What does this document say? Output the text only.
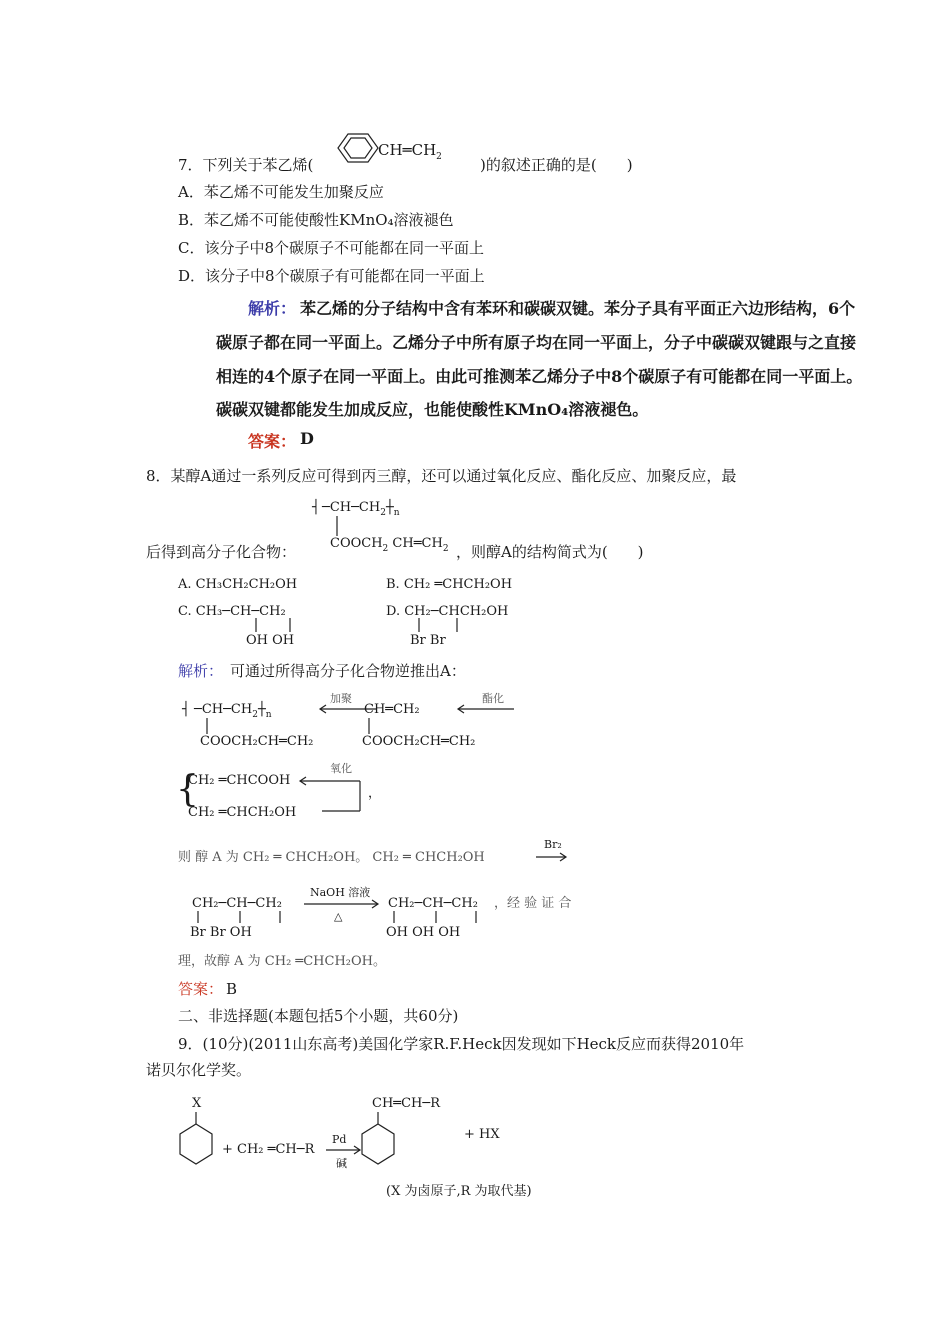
7．下列关于苯乙烯(
$CH═CH_2$	)的叙述正确的是(　　)
A．苯乙烯不可能发生加聚反应
B．苯乙烯不可能使酸性KMnO₄溶液褪色
C．该分子中8个碳原子不可能都在同一平面上
D．该分子中8个碳原子有可能都在同一平面上
解析： 苯乙烯的分子结构中含有苯环和碳碳双键。苯分子具有平面正六边形结构，6个
碳原子都在同一平面上。乙烯分子中所有原子均在同一平面上，分子中碳碳双键跟与之直接
相连的4个原子在同一平面上。由此可推测苯乙烯分子中8个碳原子有可能都在同一平面上。
碳碳双键都能发生加成反应，也能使酸性KMnO₄溶液褪色。
答案： D
8．某醇A通过一系列反应可得到丙三醇，还可以通过氧化反应、酯化反应、加聚反应，最
┤ $─CH─CH_2┼_n$
$COOCH_2$ $CH═CH_2$
后得到高分子化合物：	，则醇A的结构简式为(　　)
A. CH₃CH₂CH₂OH	B. CH₂ ═CHCH₂OH
C. CH₃─CH─CH₂
OH OH
D. CH₂─CHCH₂OH
Br Br
解析： 可通过所得高分子化合物逆推出A：
┤ $─CH─CH_2┼_n$
COOCH₂CH═CH₂
加聚
CH═CH₂
COOCH₂CH═CH₂
酯化
{
CH₂ ═CHCOOH
CH₂ ═CHCH₂OH
氧化
，
则 醇 A 为 CH₂ ═ CHCH₂OH。 CH₂ ═ CHCH₂OH
Br₂
CH₂─CH─CH₂
Br Br OH
NaOH 溶液
△
CH₂─CH─CH₂
OH OH OH
，经 验 证 合
理，故醇 A 为 CH₂ ═CHCH₂OH。
答案： B
二、非选择题(本题包括5个小题，共60分)
9．(10分)(2011山东高考)美国化学家R.F.Heck因发现如下Heck反应而获得2010年
诺贝尔化学奖。
X
+ CH₂ ═CH─R
Pd
碱
CH═CH─R
+ HX
(X 为卤原子,R 为取代基)
